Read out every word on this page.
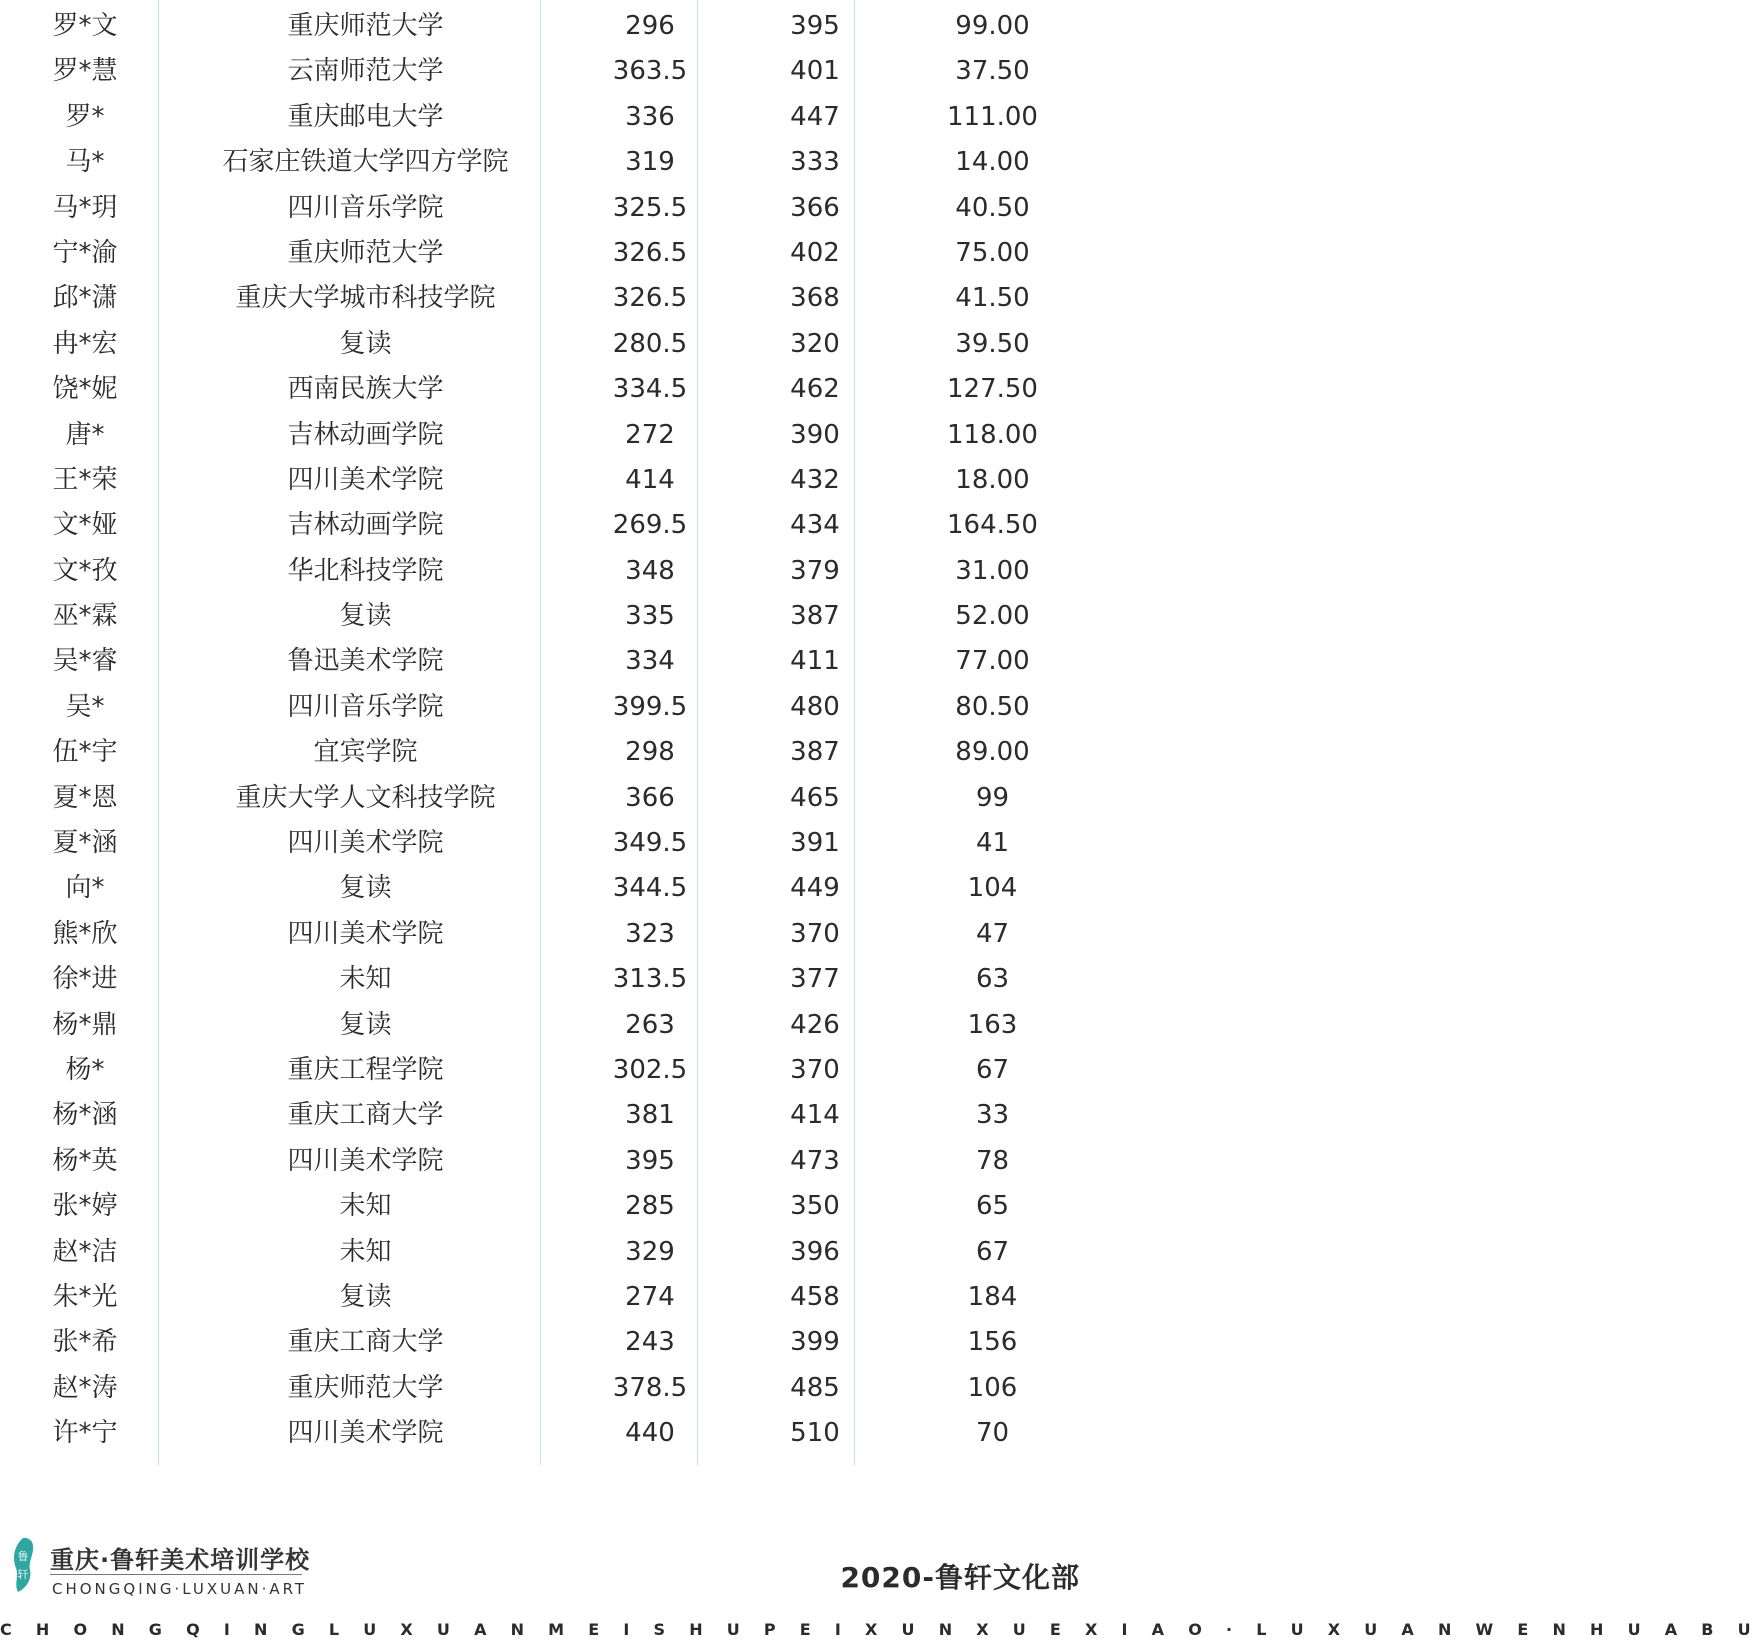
罗*文	重庆师范大学	296	395	99.00
罗*慧	云南师范大学	363.5	401	37.50
罗*	重庆邮电大学	336	447	111.00
马*	石家庄铁道大学四方学院	319	333	14.00
马*玥	四川音乐学院	325.5	366	40.50
宁*渝	重庆师范大学	326.5	402	75.00
邱*潇	重庆大学城市科技学院	326.5	368	41.50
冉*宏	复读	280.5	320	39.50
饶*妮	西南民族大学	334.5	462	127.50
唐*	吉林动画学院	272	390	118.00
王*荣	四川美术学院	414	432	18.00
文*娅	吉林动画学院	269.5	434	164.50
文*孜	华北科技学院	348	379	31.00
巫*霖	复读	335	387	52.00
吴*睿	鲁迅美术学院	334	411	77.00
吴*	四川音乐学院	399.5	480	80.50
伍*宇	宜宾学院	298	387	89.00
夏*恩	重庆大学人文科技学院	366	465	99
夏*涵	四川美术学院	349.5	391	41
向*	复读	344.5	449	104
熊*欣	四川美术学院	323	370	47
徐*进	未知	313.5	377	63
杨*鼎	复读	263	426	163
杨*	重庆工程学院	302.5	370	67
杨*涵	重庆工商大学	381	414	33
杨*英	四川美术学院	395	473	78
张*婷	未知	285	350	65
赵*洁	未知	329	396	67
朱*光	复读	274	458	184
张*希	重庆工商大学	243	399	156
赵*涛	重庆师范大学	378.5	485	106
许*宁	四川美术学院	440	510	70
鲁
轩
重庆·鲁轩美术培训学校
CHONGQING·LUXUAN·ART	2020-鲁轩文化部
C H O N G Q I N G L U X U A N M E I S H U P E I X U N X U E X I A O · L U X U A N W E N H U A B U
